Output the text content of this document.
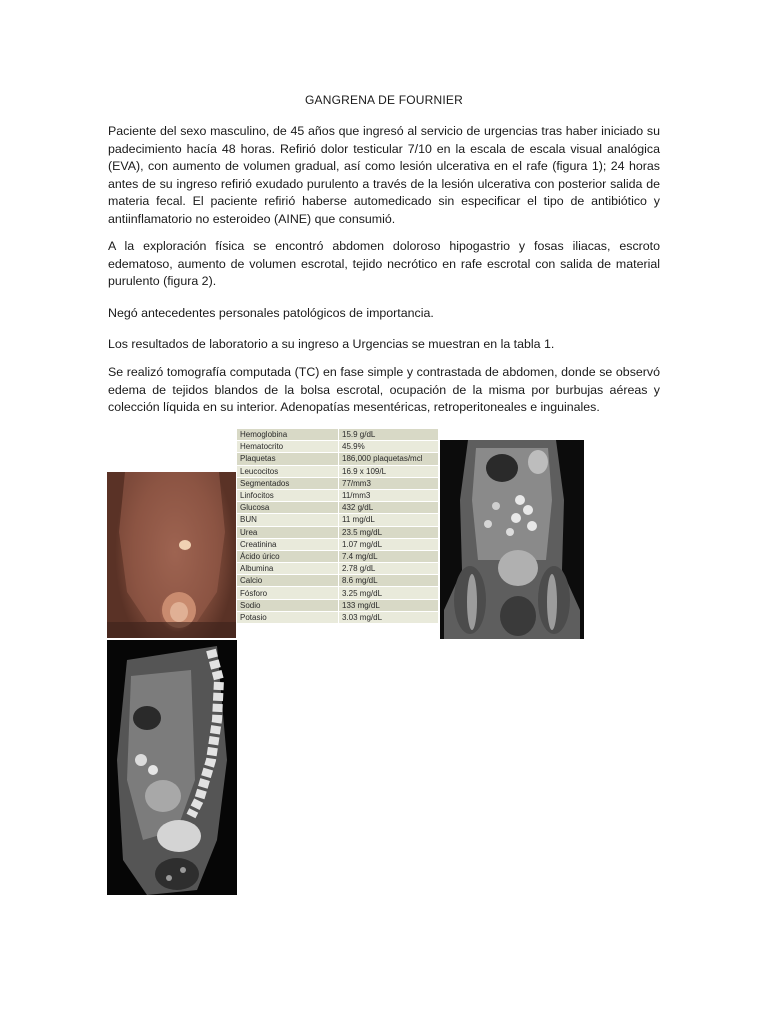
GANGRENA DE FOURNIER

Paciente del sexo masculino, de 45 años que ingresó al servicio de urgencias tras haber iniciado su padecimiento hacía 48 horas. Refirió dolor testicular 7/10 en la escala de escala visual analógica (EVA), con aumento de volumen gradual, así como lesión ulcerativa en el rafe (figura 1); 24 horas antes de su ingreso refirió exudado purulento a través de la lesión ulcerativa con posterior salida de materia fecal. El paciente refirió haberse automedicado sin especificar el tipo de antibiótico y antiinflamatorio no esteroideo (AINE) que consumió.

A la exploración física se encontró abdomen doloroso hipogastrio y fosas iliacas, escroto edematoso, aumento de volumen escrotal, tejido necrótico en rafe escrotal con salida de material purulento (figura 2).

Negó antecedentes personales patológicos de importancia.

Los resultados de laboratorio a su ingreso a Urgencias se muestran en la tabla 1.

Se realizó tomografía computada (TC) en fase simple y contrastada de abdomen, donde se observó edema de tejidos blandos de la bolsa escrotal, ocupación de la misma por burbujas aéreas y colección líquida en su interior. Adenopatías mesentéricas, retroperitoneales e inguinales.

Hemoglobina	15.9 g/dL
Hematocrito	45.9%
Plaquetas	186,000 plaquetas/mcl
Leucocitos	16.9 x 109/L
Segmentados	77/mm3
Linfocitos	11/mm3
Glucosa	432 g/dL
BUN	11 mg/dL
Urea	23.5 mg/dL
Creatinina	1.07 mg/dL
Ácido úrico	7.4 mg/dL
Albumina	2.78 g/dL
Calcio	8.6 mg/dL
Fósforo	3.25 mg/dL
Sodio	133 mg/dL
Potasio	3.03 mg/dL
